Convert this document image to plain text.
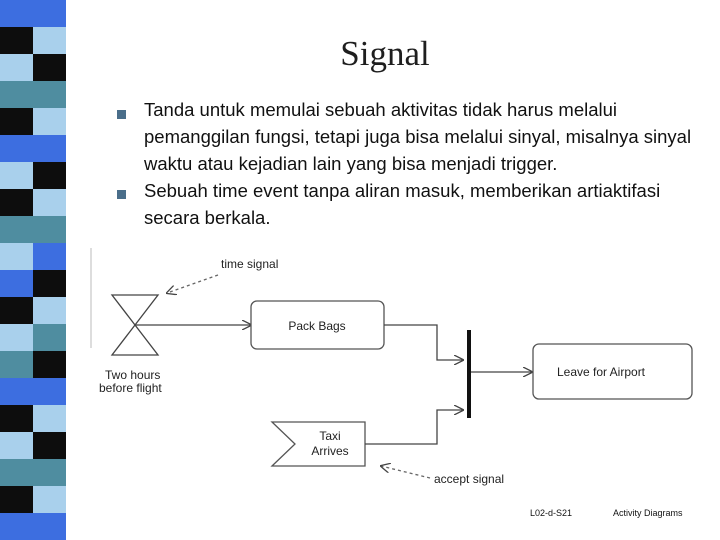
Signal
Tanda untuk memulai sebuah aktivitas tidak harus melalui pemanggilan fungsi, tetapi juga bisa melalui sinyal, misalnya sinyal waktu atau kejadian lain yang bisa menjadi trigger.
Sebuah time event tanpa aliran masuk, memberikan artiaktifasi secara berkala.
time signal
Two hours
before flight
Pack Bags
Leave for Airport
Taxi
Arrives
accept signal
L02-d-S21	Activity Diagrams
